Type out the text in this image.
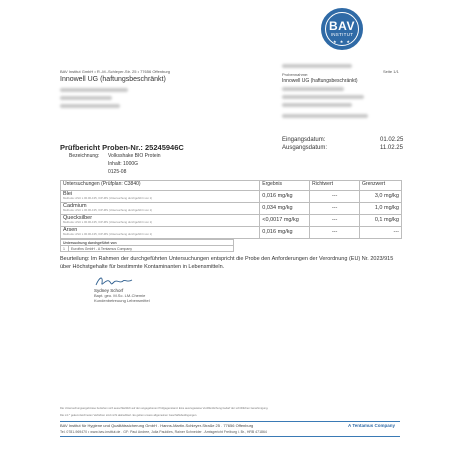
BAV
INSTITUT
★ ★ ★
BAV Institut GmbH • R.-M.-Schleyer-Str. 25 • 77656 Offenburg	Seite 1/1
Innowell UG (haftungsbeschränkt)
Probennahme:
Innowell UG (haftungsbeschränkt)
Eingangsdatum:	01.02.25
Ausgangsdatum:	11.02.25
Prüfbericht Proben-Nr.: 25245946C
Bezeichnung: Volksshake BIO Protein
Inhalt: 1000G
0125-08
Untersuchungen (Prüfplan: C3840)	Ergebnis	Richtwert	Grenzwert

Blei
Methode: ASU L 00.00-135, ICP-MS (Untersuchung durchgeführt von 1)	0,016 mg/kg	---	3,0 mg/kg

Cadmium
Methode: ASU L 00.00-135, ICP-MS (Untersuchung durchgeführt von 1)	0,034 mg/kg	---	1,0 mg/kg

Quecksilber
Methode: ASU L 00.00-135, ICP-MS (Untersuchung durchgeführt von 1)	<0,0017 mg/kg	---	0,1 mg/kg

Arsen
Methode: ASU L 00.00-135, ICP-MS (Untersuchung durchgeführt von 1)	0,016 mg/kg	---	---
Untersuchung durchgeführt von
1	Eurofins GmbH - A Tentamus Company
Beurteilung: Im Rahmen der durchgeführten Untersuchungen entspricht die Probe den Anforderungen der Verordnung (EU) Nr. 2023/915 über Höchstgehalte für bestimmte Kontaminanten in Lebensmitteln.
Sydney Schorf
Bapt. geo. M.Sc. LM-Chemie
Kundenbetreuung Lebensmittel
Die Untersuchungsergebnisse beziehen sich ausschließlich auf den angegebenen Prüfgegenstand. Eine auszugsweise Veröffentlichung bedarf der schriftlichen Genehmigung.
Die mit * gekennzeichneten Verfahren sind nicht akkreditiert. Es gelten unsere allgemeinen Geschäftsbedingungen.
BAV Institut für Hygiene und Qualitätssicherung GmbH . Hanns-Martin-Schleyer-Straße 25 . 77656 Offenburg	A Tentamus Company
Tel. 0781-969470 • www.bav-institut.de . GF: Paul Andree, Julia Pauldies, Rainer Schneider . Amtsgericht Freiburg i. Br., HRB 471864
